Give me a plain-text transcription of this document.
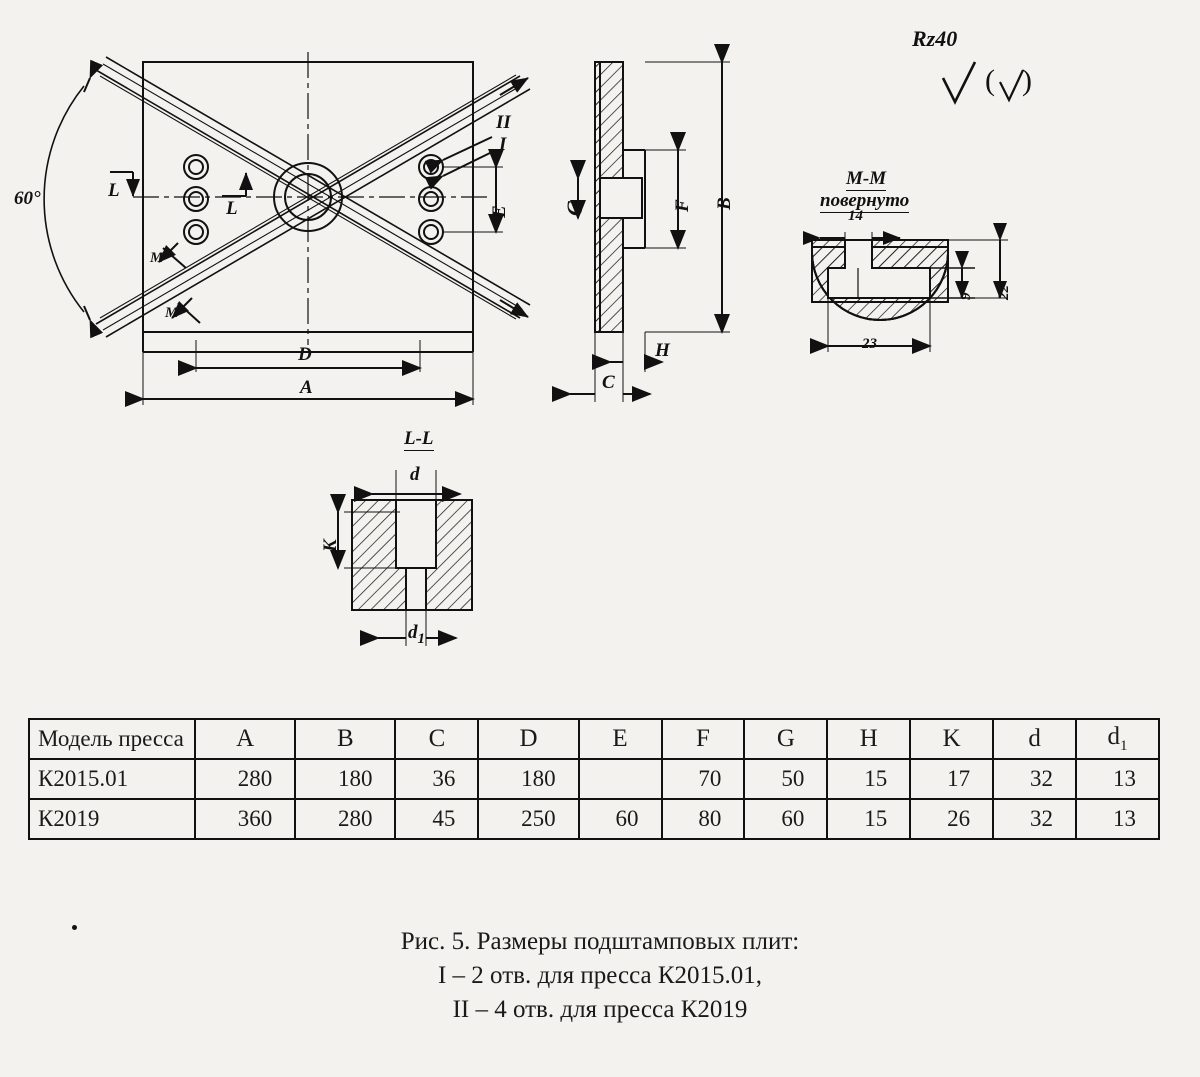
60°	L
L
М
М
II
I
E
D
A
G	F B
H
C
М-М
повернуто
14
23
9 22
Rz40
( )
L-L
d
K
$d_1$
Модель пресса	A	B	C	D	E	F	G	H	K	d	$d_1$
К2015.01	280	180	36	180		70	50	15	17	32	13
К2019	360	280	45	250	60	80	60	15	26	32	13
Рис. 5. Размеры подштамповых плит:
I – 2 отв. для пресса К2015.01,
II – 4 отв. для пресса К2019
